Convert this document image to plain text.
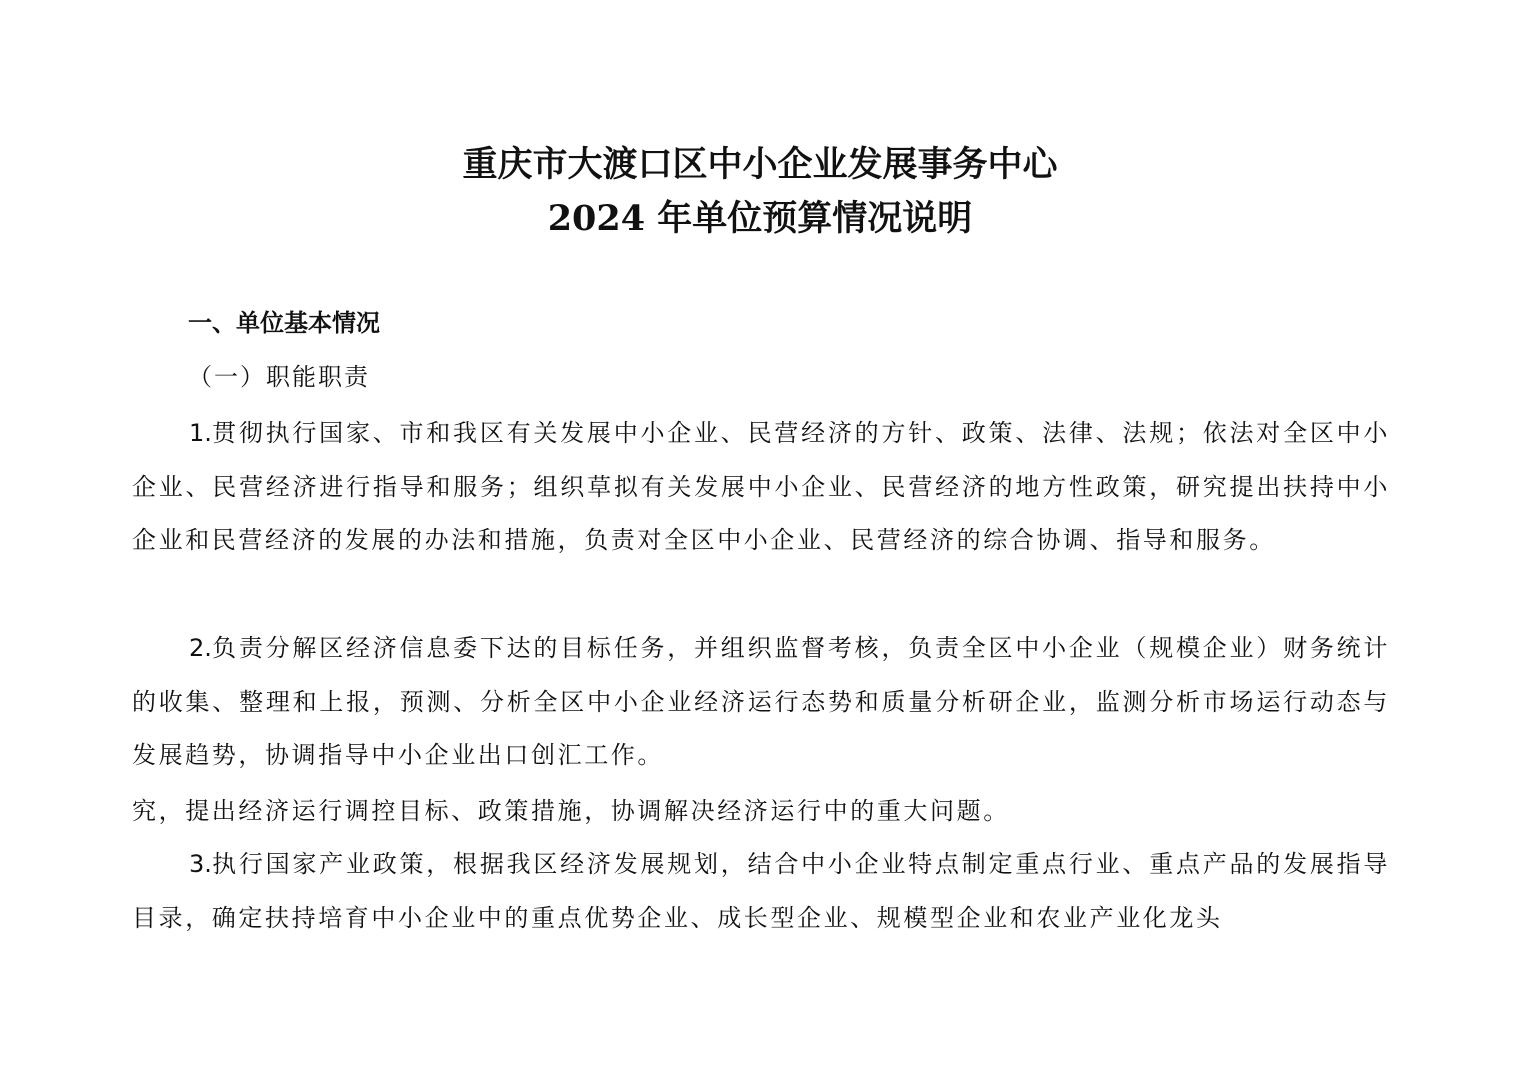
重庆市大渡口区中小企业发展事务中心
2024 年单位预算情况说明
一、单位基本情况
（一）职能职责

1.贯彻执行国家、市和我区有关发展中小企业、民营经济的方针、政策、法律、法规；依法对全区中小企业、民营经济进行指导和服务；组织草拟有关发展中小企业、民营经济的地方性政策，研究提出扶持中小企业和民营经济的发展的办法和措施，负责对全区中小企业、民营经济的综合协调、指导和服务。

2.负责分解区经济信息委下达的目标任务，并组织监督考核，负责全区中小企业（规模企业）财务统计的收集、整理和上报，预测、分析全区中小企业经济运行态势和质量分析研企业，监测分析市场运行动态与发展趋势，协调指导中小企业出口创汇工作。

究，提出经济运行调控目标、政策措施，协调解决经济运行中的重大问题。

3.执行国家产业政策，根据我区经济发展规划，结合中小企业特点制定重点行业、重点产品的发展指导目录，确定扶持培育中小企业中的重点优势企业、成长型企业、规模型企业和农业产业化龙头
